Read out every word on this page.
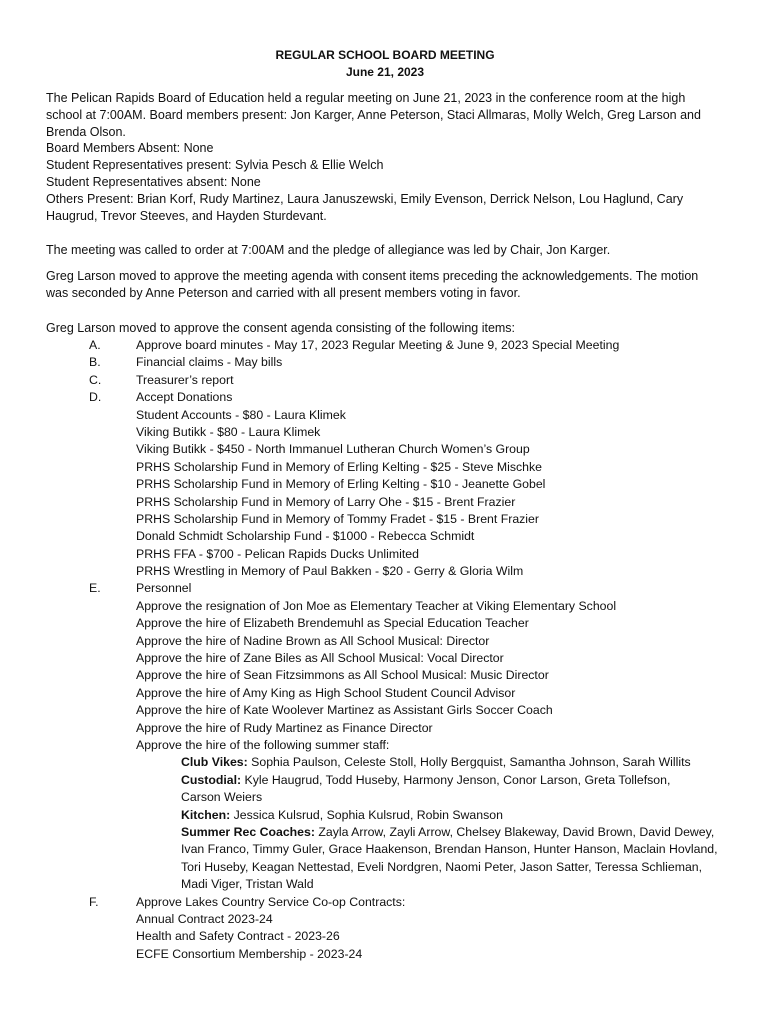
REGULAR SCHOOL BOARD MEETING
June 21, 2023
The Pelican Rapids Board of Education held a regular meeting on June 21, 2023 in the conference room at the high
school at 7:00AM. Board members present: Jon Karger, Anne Peterson, Staci Allmaras, Molly Welch, Greg Larson and
Brenda Olson.
Board Members Absent: None
Student Representatives present: Sylvia Pesch & Ellie Welch
Student Representatives absent: None
Others Present: Brian Korf, Rudy Martinez, Laura Januszewski, Emily Evenson, Derrick Nelson, Lou Haglund, Cary
Haugrud, Trevor Steeves, and Hayden Sturdevant.
The meeting was called to order at 7:00AM and the pledge of allegiance was led by Chair, Jon Karger.
Greg Larson moved to approve the meeting agenda with consent items preceding the acknowledgements. The motion
was seconded by Anne Peterson and carried with all present members voting in favor.
Greg Larson moved to approve the consent agenda consisting of the following items:
A.	Approve board minutes - May 17, 2023 Regular Meeting & June 9, 2023 Special Meeting
B.	Financial claims - May bills
C.	Treasurer’s report
D.	Accept Donations
Student Accounts - $80 - Laura Klimek
Viking Butikk - $80 - Laura Klimek
Viking Butikk - $450 - North Immanuel Lutheran Church Women’s Group
PRHS Scholarship Fund in Memory of Erling Kelting - $25 - Steve Mischke
PRHS Scholarship Fund in Memory of Erling Kelting - $10 - Jeanette Gobel
PRHS Scholarship Fund in Memory of Larry Ohe - $15 - Brent Frazier
PRHS Scholarship Fund in Memory of Tommy Fradet - $15 - Brent Frazier
Donald Schmidt Scholarship Fund - $1000 - Rebecca Schmidt
PRHS FFA - $700 - Pelican Rapids Ducks Unlimited
PRHS Wrestling in Memory of Paul Bakken - $20 - Gerry & Gloria Wilm
E.	Personnel
Approve the resignation of Jon Moe as Elementary Teacher at Viking Elementary School
Approve the hire of Elizabeth Brendemuhl as Special Education Teacher
Approve the hire of Nadine Brown as All School Musical: Director
Approve the hire of Zane Biles as All School Musical: Vocal Director
Approve the hire of Sean Fitzsimmons as All School Musical: Music Director
Approve the hire of Amy King as High School Student Council Advisor
Approve the hire of Kate Woolever Martinez as Assistant Girls Soccer Coach
Approve the hire of Rudy Martinez as Finance Director
Approve the hire of the following summer staff:
Club Vikes: Sophia Paulson, Celeste Stoll, Holly Bergquist, Samantha Johnson, Sarah Willits
Custodial: Kyle Haugrud, Todd Huseby, Harmony Jenson, Conor Larson, Greta Tollefson,
Carson Weiers
Kitchen: Jessica Kulsrud, Sophia Kulsrud, Robin Swanson
Summer Rec Coaches: Zayla Arrow, Zayli Arrow, Chelsey Blakeway, David Brown, David Dewey,
Ivan Franco, Timmy Guler, Grace Haakenson, Brendan Hanson, Hunter Hanson, Maclain Hovland,
Tori Huseby, Keagan Nettestad, Eveli Nordgren, Naomi Peter, Jason Satter, Teressa Schlieman,
Madi Viger, Tristan Wald
F.	Approve Lakes Country Service Co-op Contracts:
Annual Contract 2023-24
Health and Safety Contract - 2023-26
ECFE Consortium Membership - 2023-24
